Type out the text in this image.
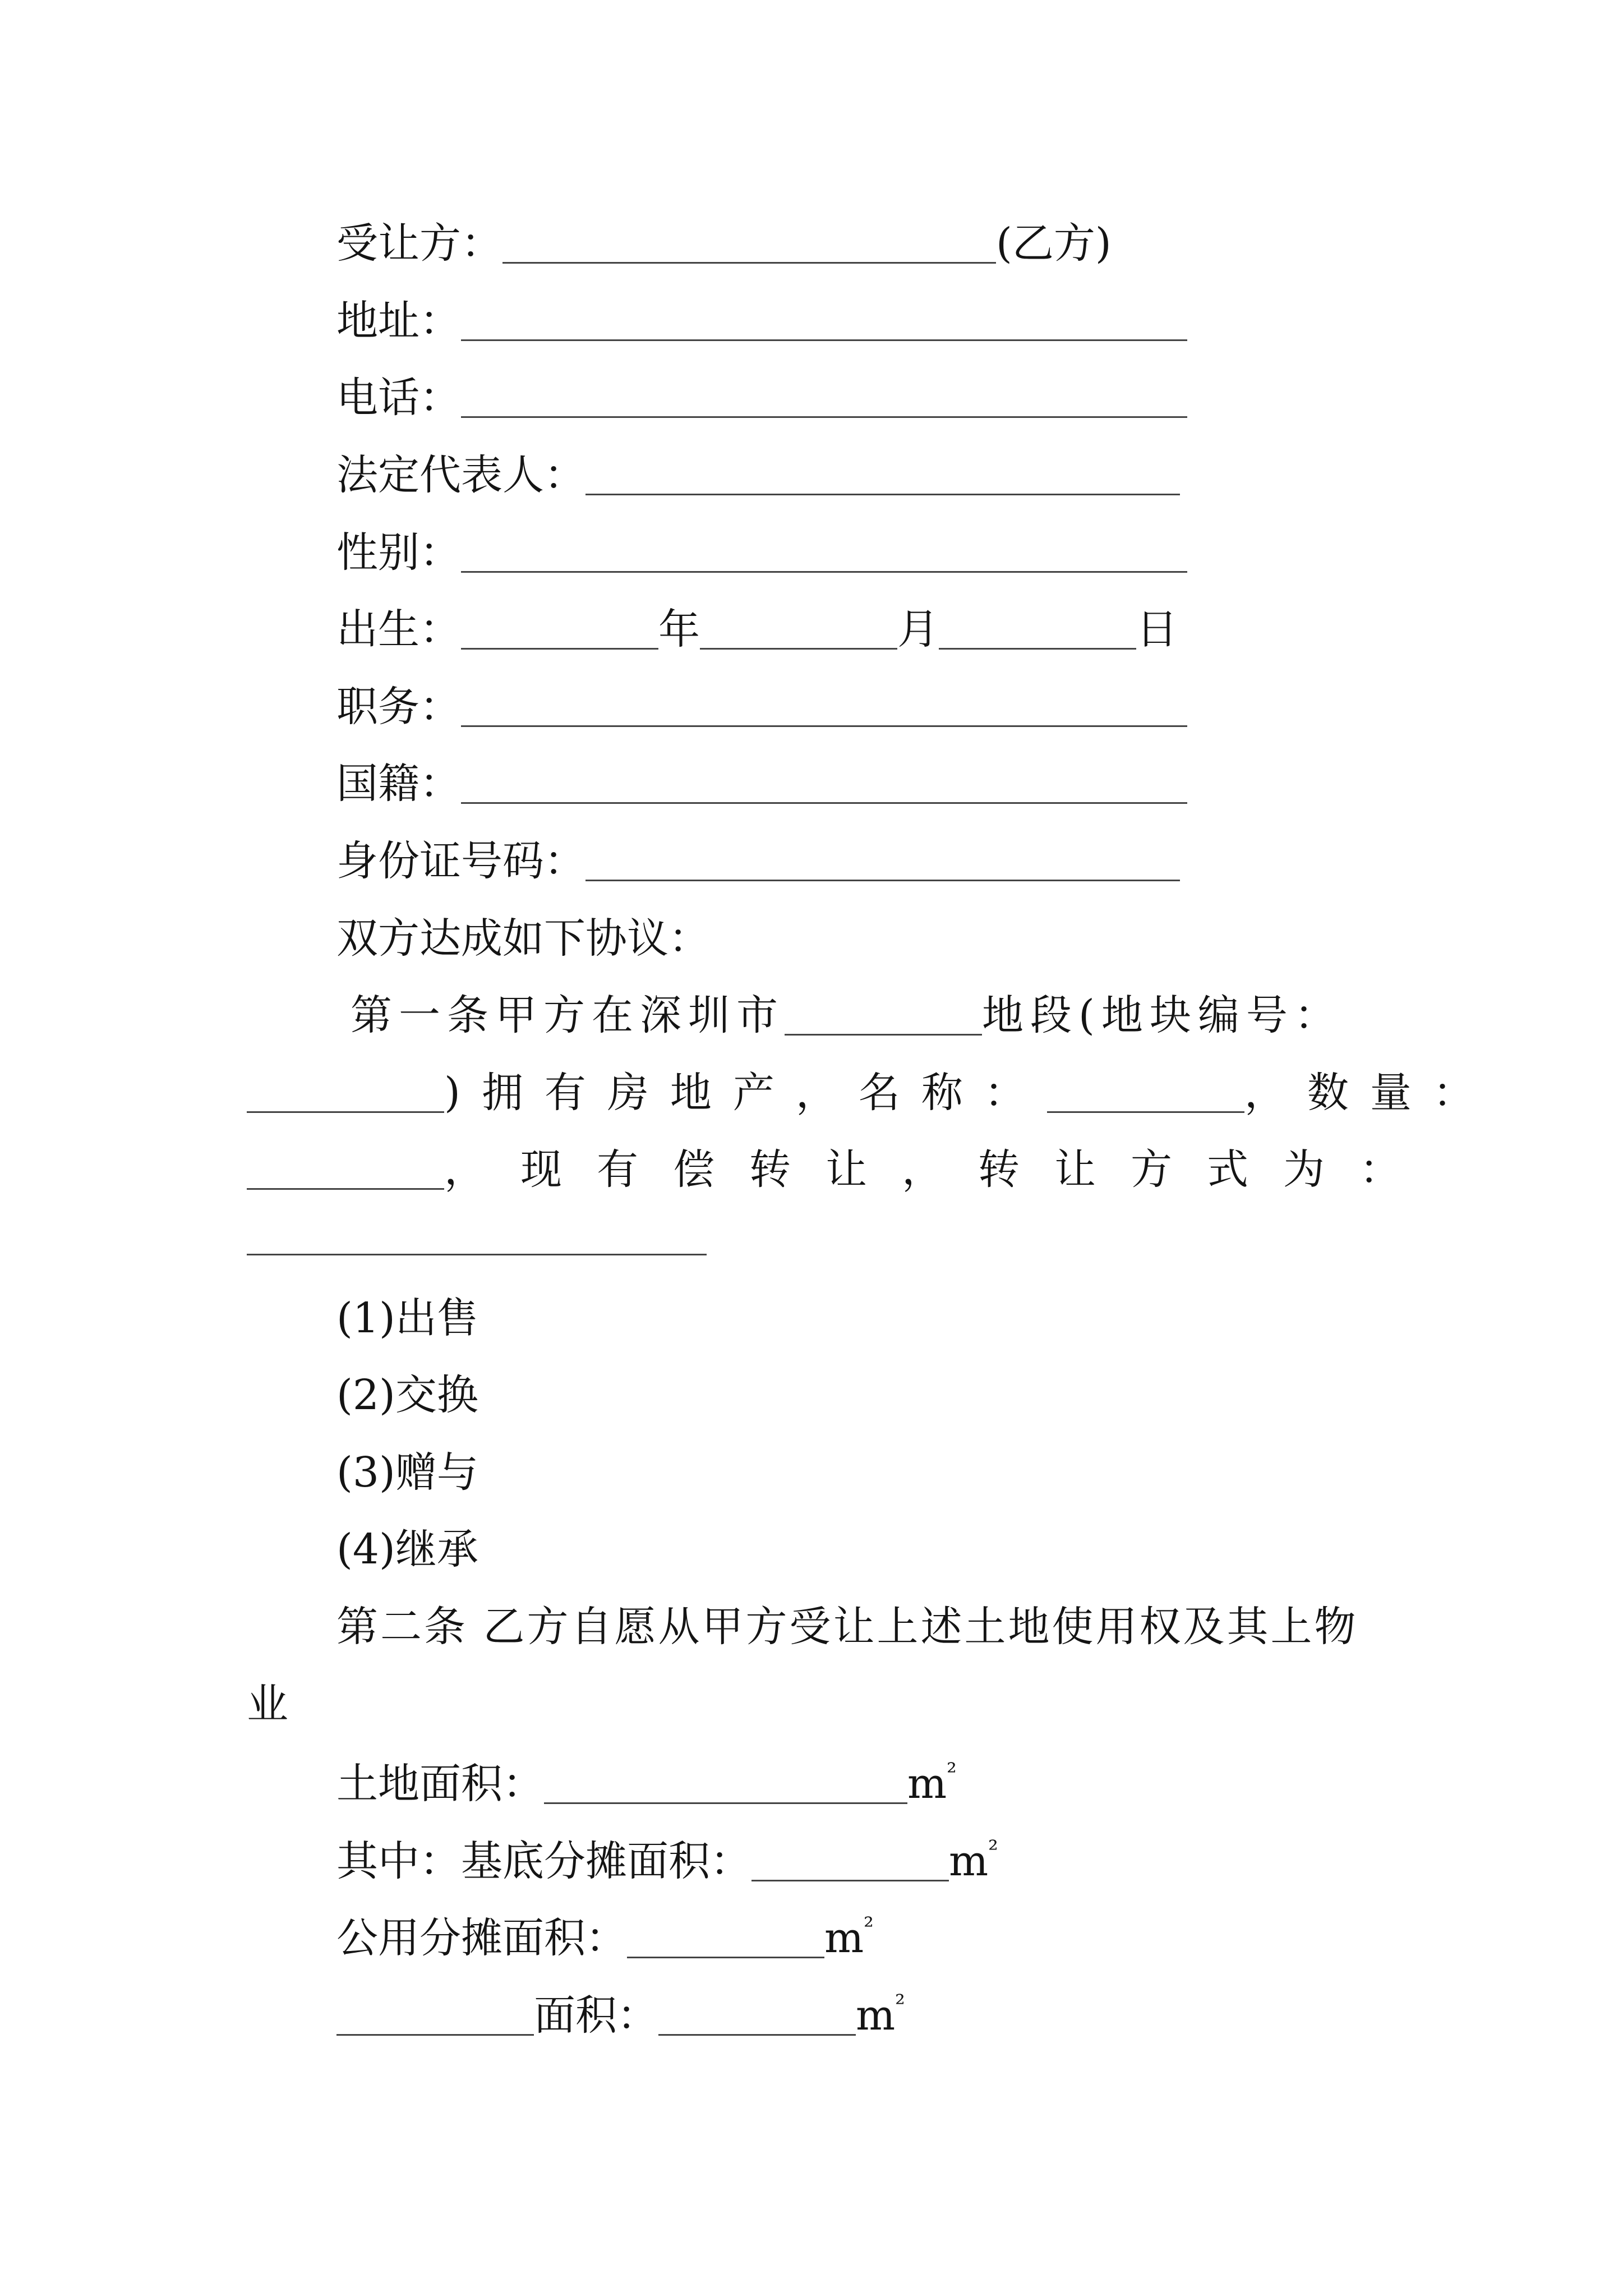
受让方：	(乙方)
地址：
电话：
法定代表人：
性别：
出生：	年	月	日
职务：
国籍：
身份证号码：
双方达成如下协议：
第一条甲方在深圳市	地段(地块编号：
)拥有房地产，名称：	，数量：
，现有偿转让，转让方式为：
(1)出售
(2)交换
(3)赠与
(4)继承
第二条 乙方自愿从甲方受让上述土地使用权及其上物
业
土地面积：	$m^{^2}$
其中：基底分摊面积：	$m^{^2}$
公用分摊面积：	$m^{^2}$
面积：	$m^{^2}$
